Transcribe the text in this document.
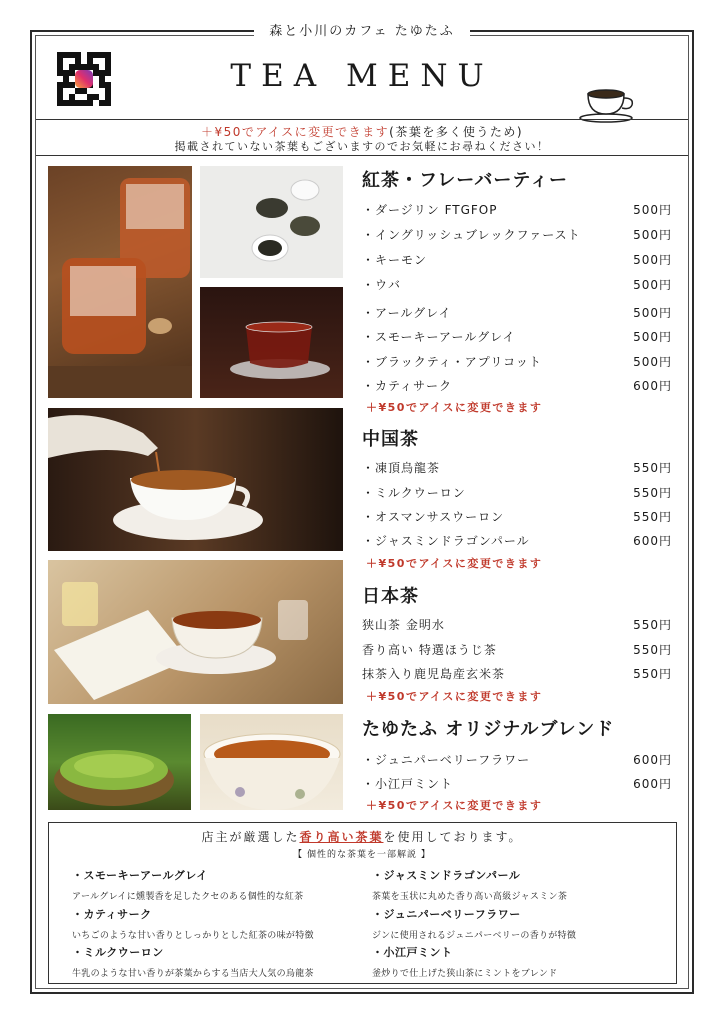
森と小川のカフェ たゆたふ
TEA MENU
＋¥50でアイスに変更できます(茶葉を多く使うため)
掲載されていない茶葉もございますのでお気軽にお尋ねください！
紅茶・フレーバーティー
・ダージリン FTGFOP	500円
・イングリッシュブレックファースト	500円
・キーモン	500円
・ウバ	500円
・アールグレイ	500円
・スモーキーアールグレイ	500円
・ブラックティ・アプリコット	500円
・カティサーク	600円
＋¥50でアイスに変更できます
中国茶
・凍頂烏龍茶	550円
・ミルクウーロン	550円
・オスマンサスウーロン	550円
・ジャスミンドラゴンパール	600円
＋¥50でアイスに変更できます
日本茶
狭山茶 金明水	550円
香り高い 特選ほうじ茶	550円
抹茶入り鹿児島産玄米茶	550円
＋¥50でアイスに変更できます
たゆたふ オリジナルブレンド
・ジュニパーベリーフラワー	600円
・小江戸ミント	600円
＋¥50でアイスに変更できます
店主が厳選した香り高い茶葉を使用しております。
【 個性的な茶葉を一部解説 】
・スモーキーアールグレイ
アールグレイに燻製香を足したクセのある個性的な紅茶
・ジャスミンドラゴンパール
茶葉を玉状に丸めた香り高い高級ジャスミン茶
・カティサーク
いちごのような甘い香りとしっかりとした紅茶の味が特徴
・ジュニパーベリーフラワー
ジンに使用されるジュニパーベリーの香りが特徴
・ミルクウーロン
牛乳のような甘い香りが茶葉からする当店大人気の烏龍茶
・小江戸ミント
釜炒りで仕上げた狭山茶にミントをブレンド
